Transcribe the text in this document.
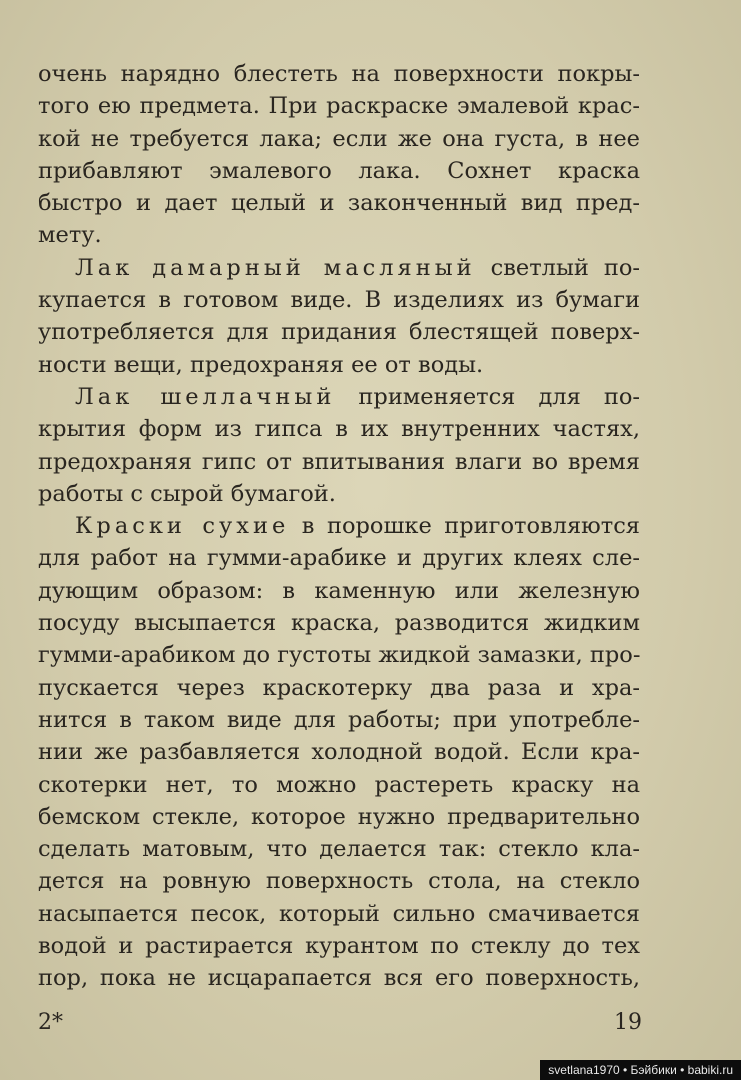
очень нарядно блестеть на поверхности покры-
того ею предмета. При раскраске эмалевой крас-
кой не требуется лака; если же она густа, в нее
прибавляют эмалевого лака. Сохнет краска
быстро и дает целый и законченный вид пред-
мету.
Лак дамарный масляный светлый по-
купается в готовом виде. В изделиях из бумаги
употребляется для придания блестящей поверх-
ности вещи, предохраняя ее от воды.
Лак шеллачный применяется для по-
крытия форм из гипса в их внутренних частях,
предохраняя гипс от впитывания влаги во время
работы с сырой бумагой.
Краски сухие в порошке приготовляются
для работ на гумми-арабике и других клеях сле-
дующим образом: в каменную или железную
посуду высыпается краска, разводится жидким
гумми-арабиком до густоты жидкой замазки, про-
пускается через краскотерку два раза и хра-
нится в таком виде для работы; при употребле-
нии же разбавляется холодной водой. Если кра-
скотерки нет, то можно растереть краску на
бемском стекле, которое нужно предварительно
сделать матовым, что делается так: стекло кла-
дется на ровную поверхность стола, на стекло
насыпается песок, который сильно смачивается
водой и растирается курантом по стеклу до тех
пор, пока не исцарапается вся его поверхность,
2*	19
svetlana1970 • Бэйбики • babiki.ru
